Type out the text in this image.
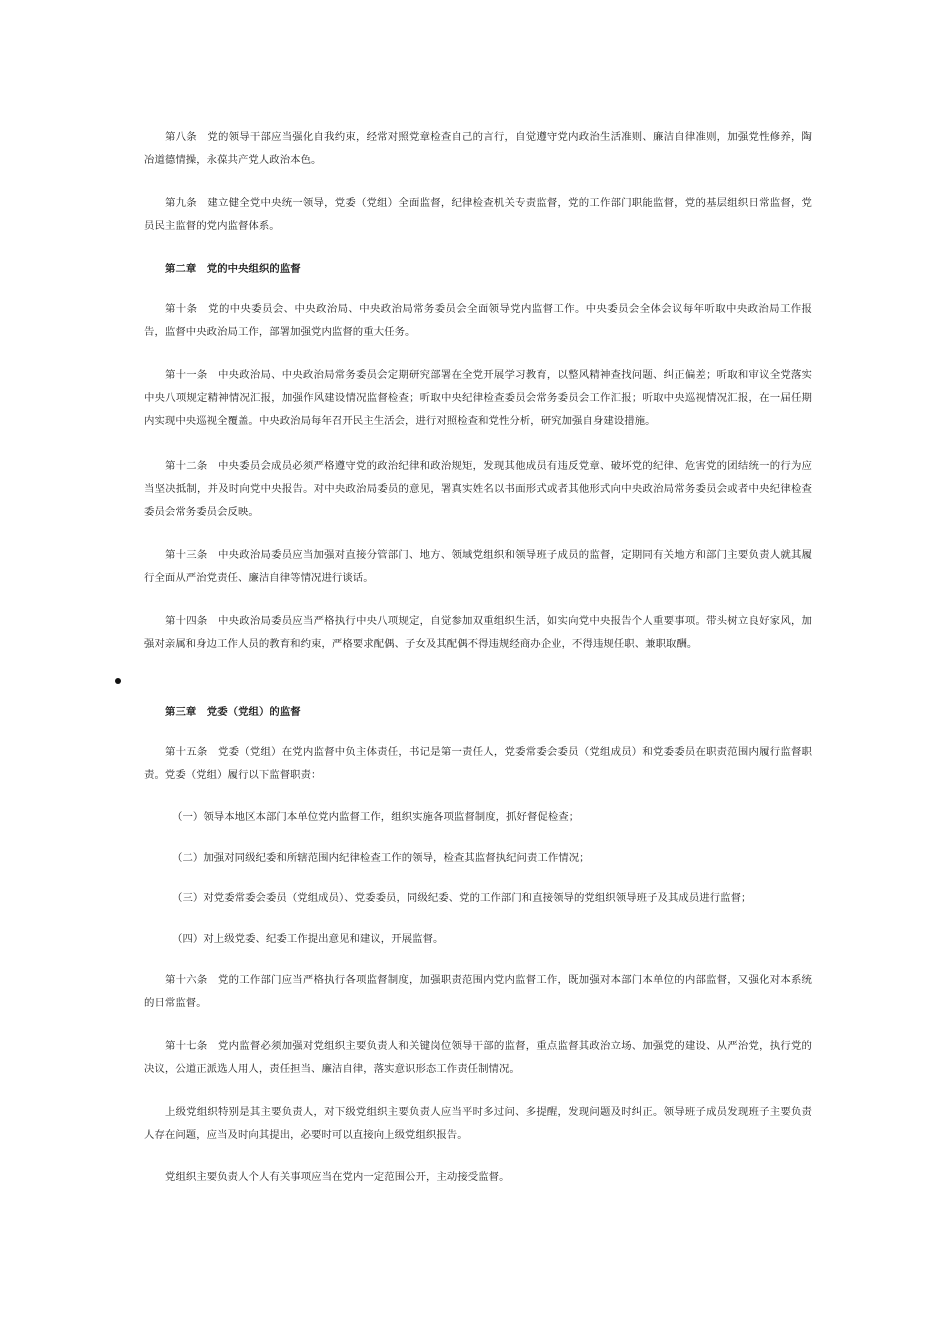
第八条　党的领导干部应当强化自我约束，经常对照党章检查自己的言行，自觉遵守党内政治生活准则、廉洁自律准则，加强党性修养，陶冶道德情操，永葆共产党人政治本色。

第九条　建立健全党中央统一领导，党委（党组）全面监督，纪律检查机关专责监督，党的工作部门职能监督，党的基层组织日常监督，党员民主监督的党内监督体系。

第二章　党的中央组织的监督

第十条　党的中央委员会、中央政治局、中央政治局常务委员会全面领导党内监督工作。中央委员会全体会议每年听取中央政治局工作报告，监督中央政治局工作，部署加强党内监督的重大任务。

第十一条　中央政治局、中央政治局常务委员会定期研究部署在全党开展学习教育，以整风精神查找问题、纠正偏差；听取和审议全党落实中央八项规定精神情况汇报，加强作风建设情况监督检查；听取中央纪律检查委员会常务委员会工作汇报；听取中央巡视情况汇报，在一届任期内实现中央巡视全覆盖。中央政治局每年召开民主生活会，进行对照检查和党性分析，研究加强自身建设措施。

第十二条　中央委员会成员必须严格遵守党的政治纪律和政治规矩，发现其他成员有违反党章、破坏党的纪律、危害党的团结统一的行为应当坚决抵制，并及时向党中央报告。对中央政治局委员的意见，署真实姓名以书面形式或者其他形式向中央政治局常务委员会或者中央纪律检查委员会常务委员会反映。

第十三条　中央政治局委员应当加强对直接分管部门、地方、领域党组织和领导班子成员的监督，定期同有关地方和部门主要负责人就其履行全面从严治党责任、廉洁自律等情况进行谈话。

第十四条　中央政治局委员应当严格执行中央八项规定，自觉参加双重组织生活，如实向党中央报告个人重要事项。带头树立良好家风，加强对亲属和身边工作人员的教育和约束，严格要求配偶、子女及其配偶不得违规经商办企业，不得违规任职、兼职取酬。

第三章　党委（党组）的监督

第十五条　党委（党组）在党内监督中负主体责任，书记是第一责任人，党委常委会委员（党组成员）和党委委员在职责范围内履行监督职责。党委（党组）履行以下监督职责：

（一）领导本地区本部门本单位党内监督工作，组织实施各项监督制度，抓好督促检查；

（二）加强对同级纪委和所辖范围内纪律检查工作的领导，检查其监督执纪问责工作情况；

（三）对党委常委会委员（党组成员）、党委委员，同级纪委、党的工作部门和直接领导的党组织领导班子及其成员进行监督；

（四）对上级党委、纪委工作提出意见和建议，开展监督。

第十六条　党的工作部门应当严格执行各项监督制度，加强职责范围内党内监督工作，既加强对本部门本单位的内部监督，又强化对本系统的日常监督。

第十七条　党内监督必须加强对党组织主要负责人和关键岗位领导干部的监督，重点监督其政治立场、加强党的建设、从严治党，执行党的决议，公道正派选人用人，责任担当、廉洁自律，落实意识形态工作责任制情况。

上级党组织特别是其主要负责人，对下级党组织主要负责人应当平时多过问、多提醒，发现问题及时纠正。领导班子成员发现班子主要负责人存在问题，应当及时向其提出，必要时可以直接向上级党组织报告。

党组织主要负责人个人有关事项应当在党内一定范围公开，主动接受监督。
